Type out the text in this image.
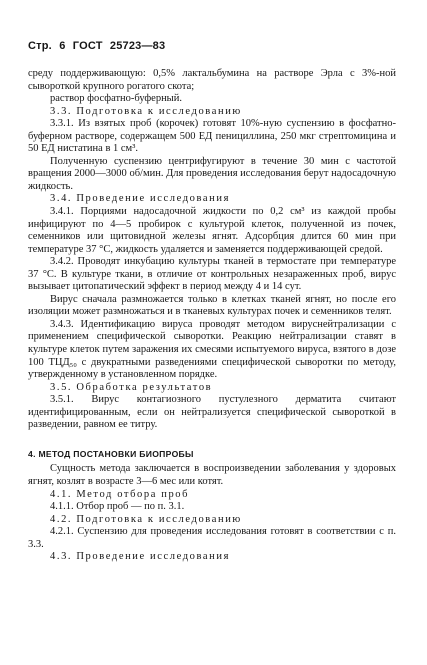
Стр. 6 ГОСТ 25723—83

среду поддерживающую: 0,5% лактальбумина на растворе Эрла с 3%-ной сывороткой крупного рогатого скота;

раствор фосфатно-буферный.

3.3. Подготовка к исследованию

3.3.1. Из взятых проб (корочек) готовят 10%-ную суспензию в фосфатно-буферном растворе, содержащем 500 ЕД пенициллина, 250 мкг стрептомицина и 50 ЕД нистатина в 1 см³.

Полученную суспензию центрифугируют в течение 30 мин с частотой вращения 2000—3000 об/мин. Для проведения исследования берут надосадочную жидкость.

3.4. Проведение исследования

3.4.1. Порциями надосадочной жидкости по 0,2 см³ из каждой пробы инфицируют по 4—5 пробирок с культурой клеток, полученной из почек, семенников или щитовидной железы ягнят. Адсорбция длится 60 мин при температуре 37 °С, жидкость удаляется и заменяется поддерживающей средой.

3.4.2. Проводят инкубацию культуры тканей в термостате при температуре 37 °С. В культуре ткани, в отличие от контрольных незараженных проб, вирус вызывает цитопатический эффект в период между 4 и 14 сут.

Вирус сначала размножается только в клетках тканей ягнят, но после его изоляции может размножаться и в тканевых культурах почек и семенников телят.

3.4.3. Идентификацию вируса проводят методом вируснейтрализации с применением специфической сыворотки. Реакцию нейтрализации ставят в культуре клеток путем заражения их смесями испытуемого вируса, взятого в дозе 100 ТЦД₅₀ с двукратными разведениями специфической сыворотки по методу, утвержденному в установленном порядке.

3.5. Обработка результатов

3.5.1. Вирус контагиозного пустулезного дерматита считают идентифицированным, если он нейтрализуется специфической сывороткой в разведении, равном ее титру.

4. МЕТОД ПОСТАНОВКИ БИОПРОБЫ

Сущность метода заключается в воспроизведении заболевания у здоровых ягнят, козлят в возрасте 3—6 мес или котят.

4.1. Метод отбора проб

4.1.1. Отбор проб — по п. 3.1.

4.2. Подготовка к исследованию

4.2.1. Суспензию для проведения исследования готовят в соответствии с п. 3.3.

4.3. Проведение исследования
